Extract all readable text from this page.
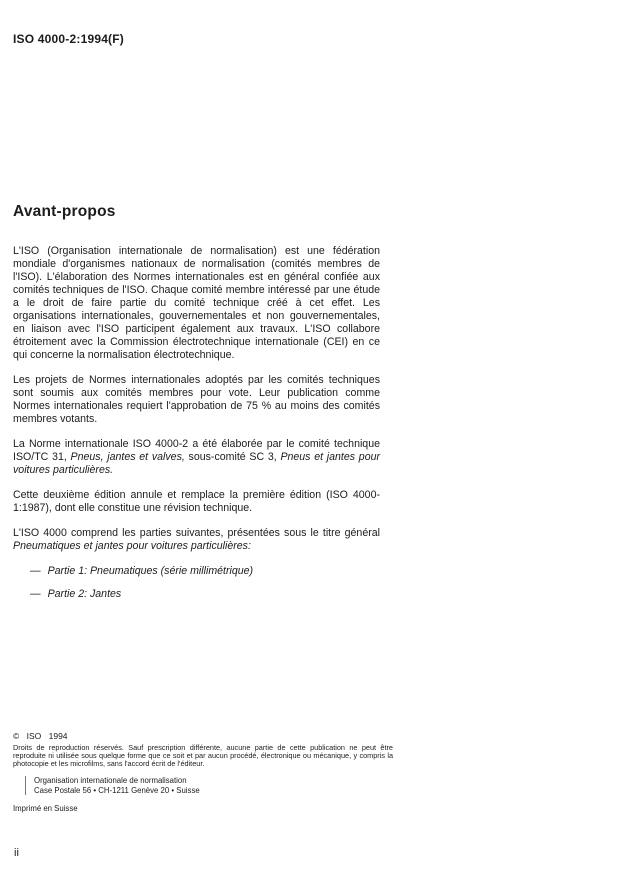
ISO 4000-2:1994(F)
Avant-propos

L'ISO (Organisation internationale de normalisation) est une fédération mondiale d'organismes nationaux de normalisation (comités membres de l'ISO). L'élaboration des Normes internationales est en général confiée aux comités techniques de l'ISO. Chaque comité membre intéressé par une étude a le droit de faire partie du comité technique créé à cet effet. Les organisations internationales, gouvernementales et non gouvernementales, en liaison avec l'ISO participent également aux travaux. L'ISO collabore étroitement avec la Commission électrotechnique internationale (CEI) en ce qui concerne la normalisation électrotechnique.

Les projets de Normes internationales adoptés par les comités techniques sont soumis aux comités membres pour vote. Leur publication comme Normes internationales requiert l'approbation de 75 % au moins des comités membres votants.

La Norme internationale ISO 4000-2 a été élaborée par le comité technique ISO/TC 31, Pneus, jantes et valves, sous-comité SC 3, Pneus et jantes pour voitures particulières.

Cette deuxième édition annule et remplace la première édition (ISO 4000-1:1987), dont elle constitue une révision technique.

L'ISO 4000 comprend les parties suivantes, présentées sous le titre général Pneumatiques et jantes pour voitures particulières:

— Partie 1: Pneumatiques (série millimétrique)
— Partie 2: Jantes
© ISO 1994

Droits de reproduction réservés. Sauf prescription différente, aucune partie de cette publication ne peut être reproduite ni utilisée sous quelque forme que ce soit et par aucun procédé, électronique ou mécanique, y compris la photocopie et les microfilms, sans l'accord écrit de l'éditeur.

Organisation internationale de normalisation
Case Postale 56 • CH-1211 Genève 20 • Suisse
Imprimé en Suisse
ii
